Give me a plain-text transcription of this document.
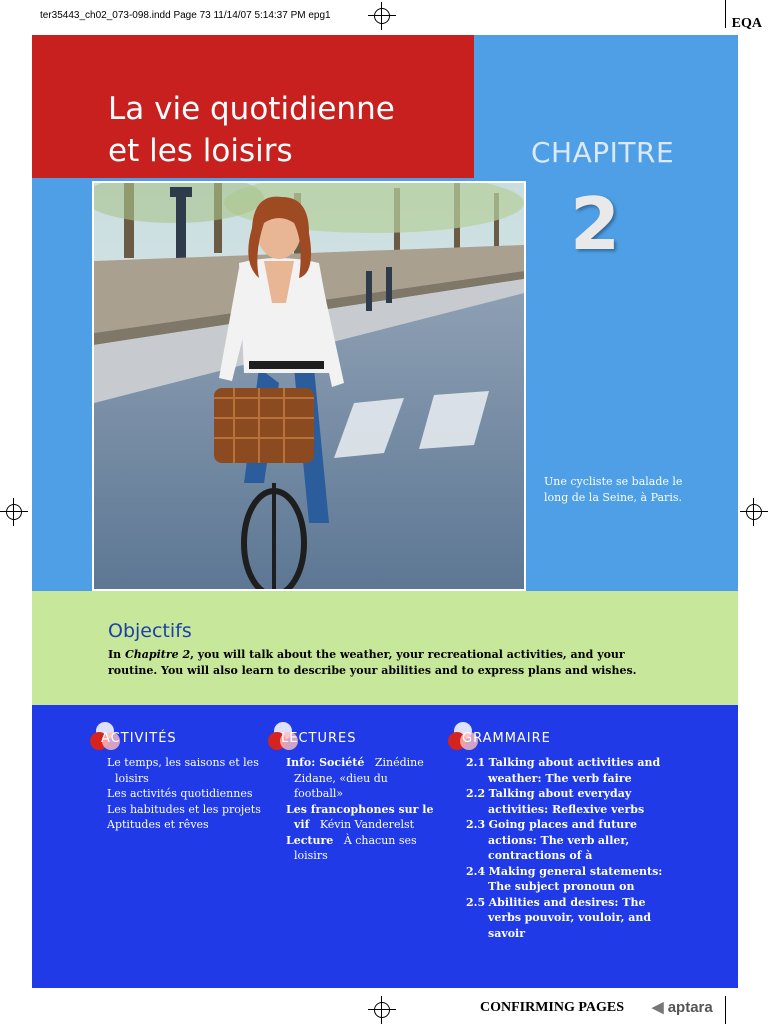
ter35443_ch02_073-098.indd Page 73 11/14/07 5:14:37 PM epg1
EQA
La vie quotidienne
et les loisirs	CHAPITRE
2
Une cycliste se balade le
long de la Seine, à Paris.
Objectifs
In Chapitre 2, you will talk about the weather, your recreational activities, and your routine. You will also learn to describe your abilities and to express plans and wishes.
ACTIVITÉS	LECTURES	GRAMMAIRE
Le temps, les saisons et les loisirs
Les activités quotidiennes
Les habitudes et les projets
Aptitudes et rêves
Info: Société Zinédine Zidane, «dieu du football»
Les francophones sur le vif Kévin Vanderelst
Lecture À chacun ses loisirs
2.1 Talking about activities and weather: The verb faire
2.2 Talking about everyday activities: Reflexive verbs
2.3 Going places and future actions: The verb aller, contractions of à
2.4 Making general statements: The subject pronoun on
2.5 Abilities and desires: The verbs pouvoir, vouloir, and savoir
CONFIRMING PAGES ◀ aptara
